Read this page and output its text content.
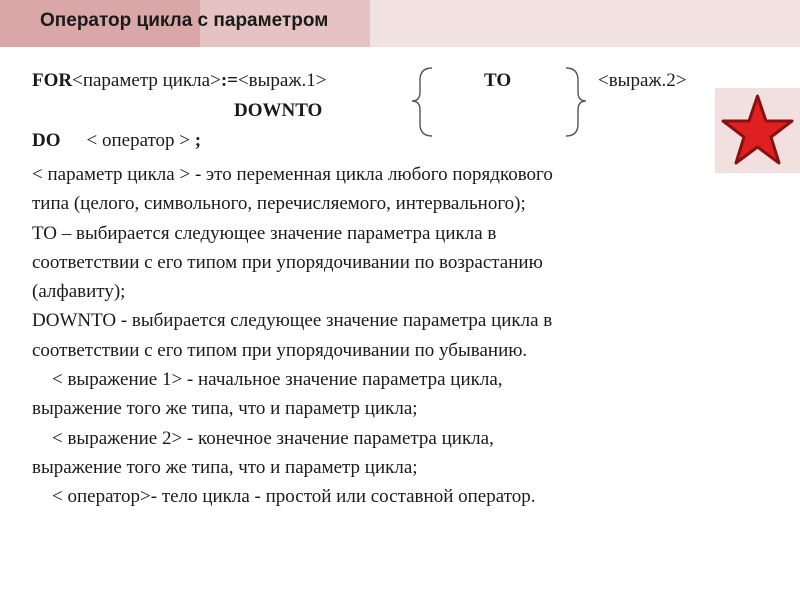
Оператор цикла с параметром
FOR<параметр цикла>:=<выраж.1>	TO	<выраж.2>
DOWNTO
DO < оператор > ;
< параметр цикла > - это переменная цикла любого порядкового
типа (целого, символьного, перечисляемого, интервального);
TO – выбирается следующее значение параметра цикла в
соответствии с его типом при упорядочивании по возрастанию
(алфавиту);
DOWNTO - выбирается следующее значение параметра цикла в
соответствии с его типом при упорядочивании по убыванию.
< выражение 1> - начальное значение параметра цикла,
выражение того же типа, что и параметр цикла;
< выражение 2> - конечное значение параметра цикла,
выражение того же типа, что и параметр цикла;
< оператор>- тело цикла - простой или составной оператор.
